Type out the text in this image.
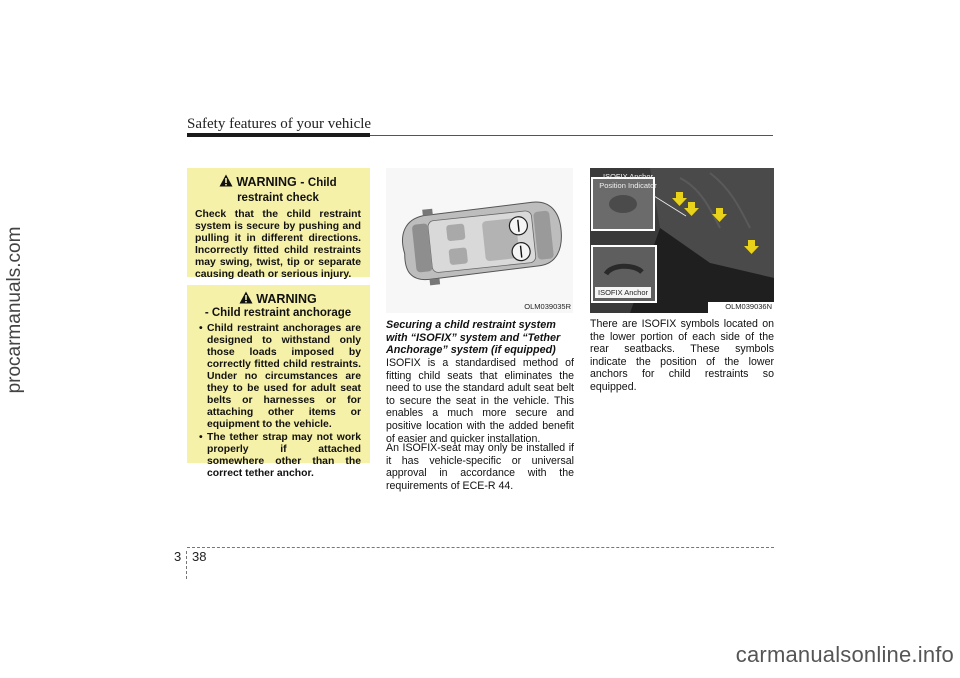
procarmanuals.com
Safety features of your vehicle
WARNING - Child restraint check
Check that the child restraint system is secure by pushing and pulling it in different directions. Incorrectly fitted child restraints may swing, twist, tip or separate causing death or serious injury.
WARNING
- Child restraint anchorage
• Child restraint anchorages are designed to withstand only those loads imposed by correctly fitted child restraints. Under no circumstances are they to be used for adult seat belts or harnesses or for attaching other items or equipment to the vehicle.
• The tether strap may not work properly if attached somewhere other than the correct tether anchor.
OLM039035R
ISOFIX Anchor Position Indicator
ISOFIX Anchor
OLM039036N
Securing a child restraint system with “ISOFIX” system and “Tether Anchorage” system (if equipped)
ISOFIX is a standardised method of fitting child seats that eliminates the need to use the standard adult seat belt to secure the seat in the vehicle. This enables a much more secure and positive location with the added benefit of easier and quicker installation.
An ISOFIX-seat may only be installed if it has vehicle-specific or universal approval in accordance with the requirements of ECE-R 44.
There are ISOFIX symbols located on the lower portion of each side of the rear seatbacks. These symbols indicate the position of the lower anchors for child restraints so equipped.
3 38
carmanualsonline.info
